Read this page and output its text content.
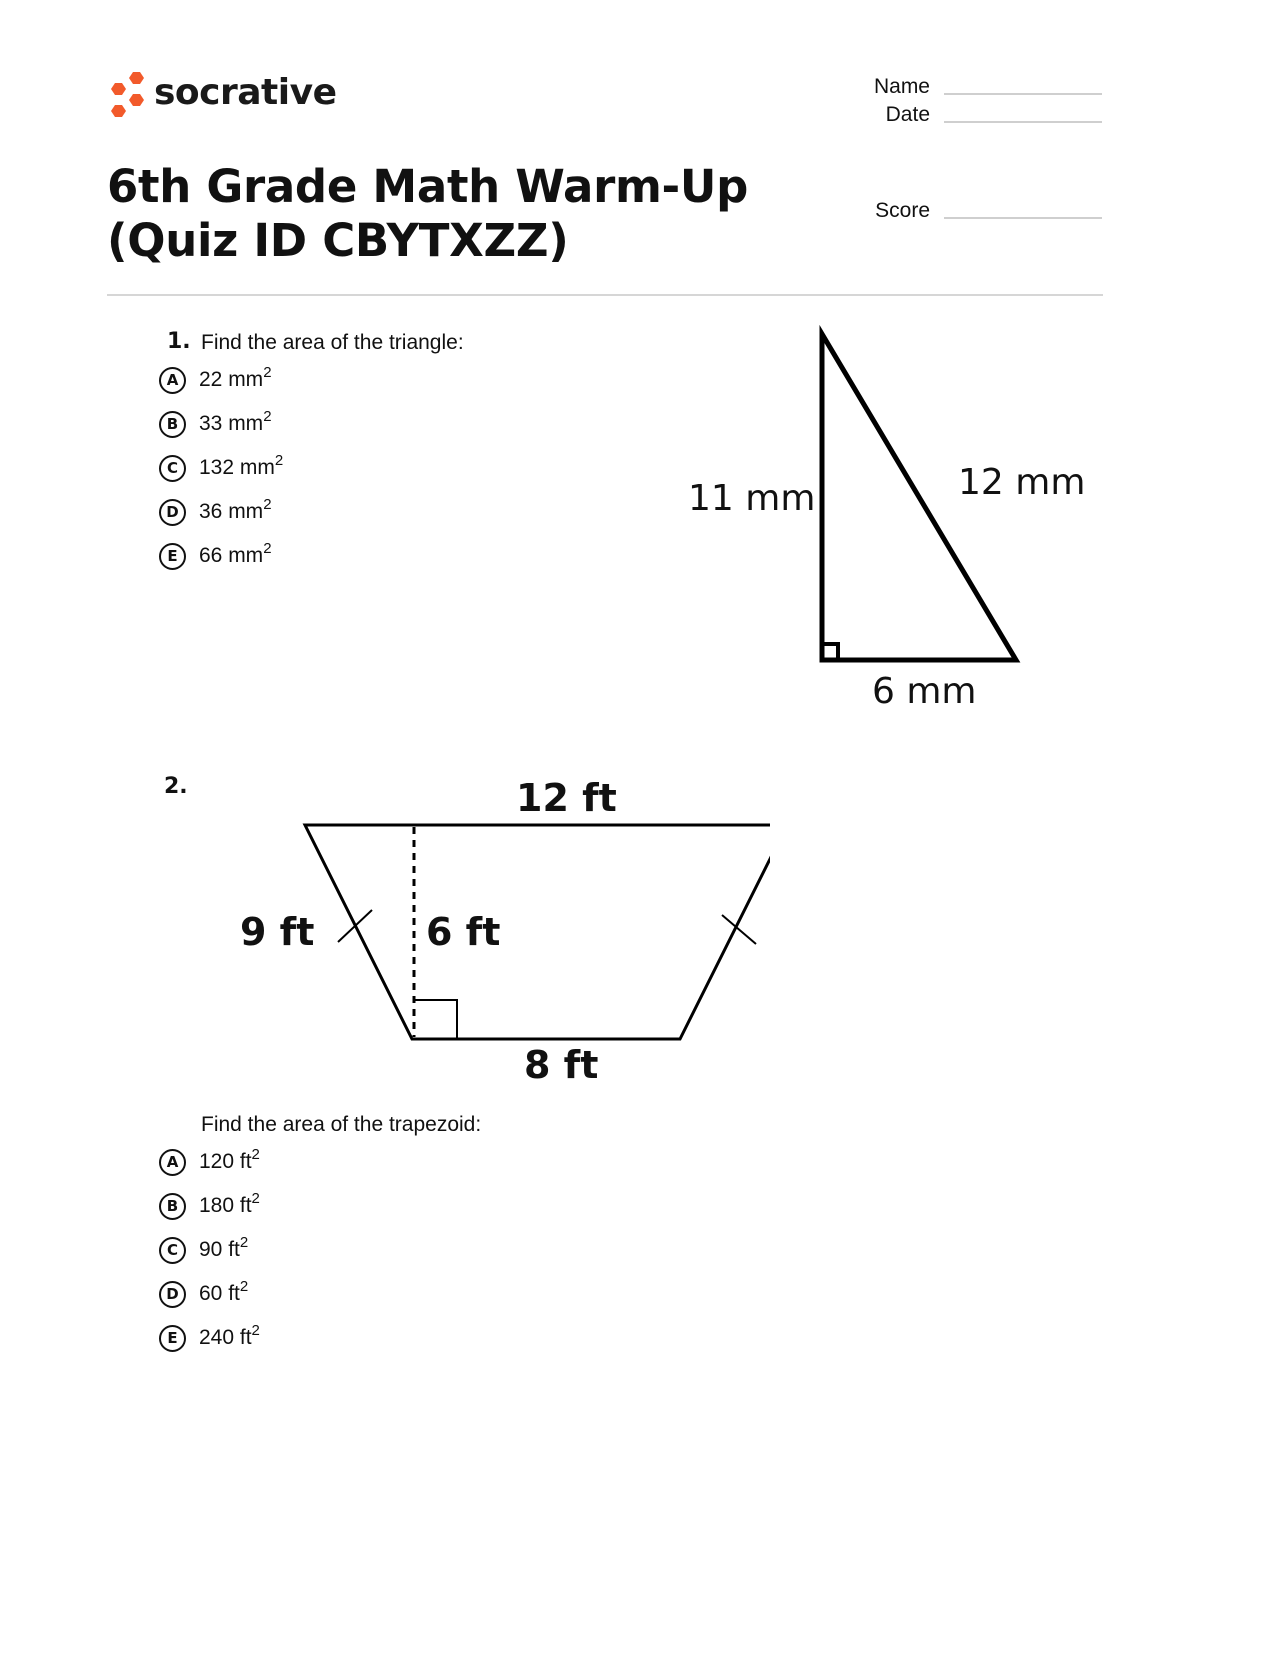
socrative	Name
Date
Score
6th Grade Math Warm-Up (Quiz ID CBYTXZZ)
1. Find the area of the triangle:
A 22 $mm^2$
B 33 $mm^2$
C	132 $mm^2$
D 36 $mm^2$
E	66 $mm^2$
11 mm	12 mm
6 mm
2.	12 ft
9 ft	6 ft
8 ft
Find the area of the trapezoid:
A 120 $ft^2$
B 180 $ft^2$
C	90 $ft^2$
D 60 $ft^2$
E	240 $ft^2$
